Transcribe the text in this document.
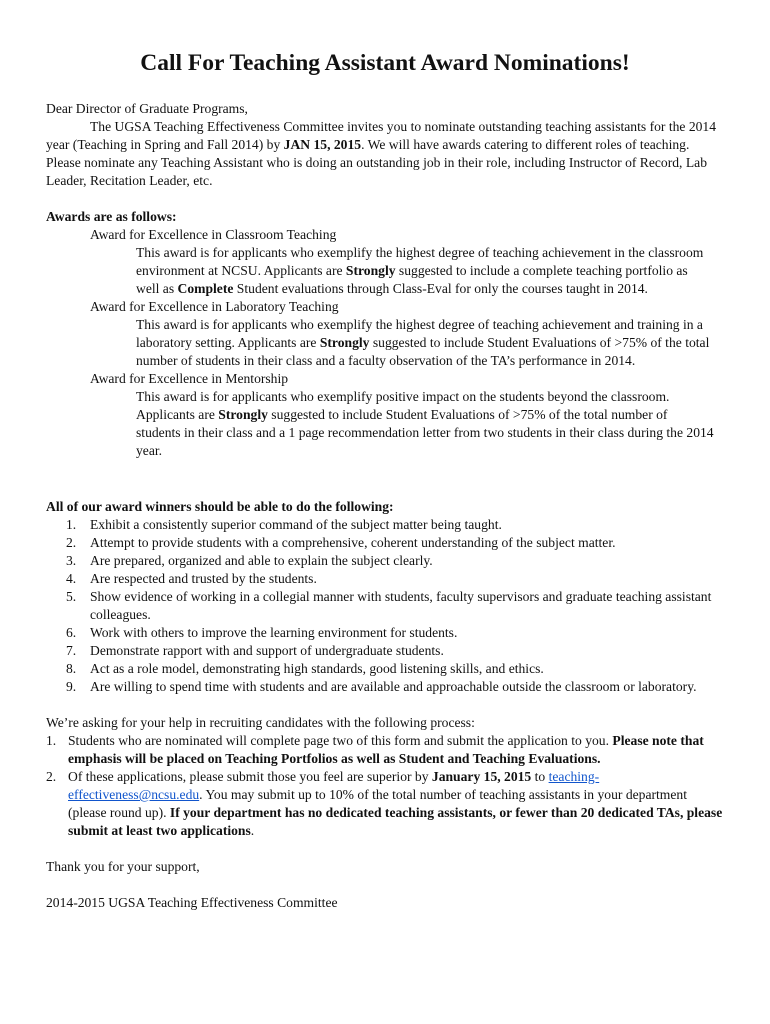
Call For Teaching Assistant Award Nominations!

Dear Director of Graduate Programs,

The UGSA Teaching Effectiveness Committee invites you to nominate outstanding teaching assistants for the 2014 year (Teaching in Spring and Fall 2014) by JAN 15, 2015. We will have awards catering to different roles of teaching. Please nominate any Teaching Assistant who is doing an outstanding job in their role, including Instructor of Record, Lab Leader, Recitation Leader, etc.

Awards are as follows:

Award for Excellence in Classroom Teaching

This award is for applicants who exemplify the highest degree of teaching achievement in the classroom environment at NCSU. Applicants are Strongly suggested to include a complete teaching portfolio as well as Complete Student evaluations through Class-Eval for only the courses taught in 2014.

Award for Excellence in Laboratory Teaching

This award is for applicants who exemplify the highest degree of teaching achievement and training in a laboratory setting. Applicants are Strongly suggested to include Student Evaluations of >75% of the total number of students in their class and a faculty observation of the TA’s performance in 2014.

Award for Excellence in Mentorship

This award is for applicants who exemplify positive impact on the students beyond the classroom. Applicants are Strongly suggested to include Student Evaluations of >75% of the total number of students in their class and a 1 page recommendation letter from two students in their class during the 2014 year.

All of our award winners should be able to do the following:

1. Exhibit a consistently superior command of the subject matter being taught.
2. Attempt to provide students with a comprehensive, coherent understanding of the subject matter.
3. Are prepared, organized and able to explain the subject clearly.
4. Are respected and trusted by the students.
5. Show evidence of working in a collegial manner with students, faculty supervisors and graduate teaching assistant colleagues.
6. Work with others to improve the learning environment for students.
7. Demonstrate rapport with and support of undergraduate students.
8. Act as a role model, demonstrating high standards, good listening skills, and ethics.
9. Are willing to spend time with students and are available and approachable outside the classroom or laboratory.

We’re asking for your help in recruiting candidates with the following process:

1. Students who are nominated will complete page two of this form and submit the application to you. Please note that emphasis will be placed on Teaching Portfolios as well as Student and Teaching Evaluations.
2. Of these applications, please submit those you feel are superior by January 15, 2015 to teaching-effectiveness@ncsu.edu. You may submit up to 10% of the total number of teaching assistants in your department (please round up). If your department has no dedicated teaching assistants, or fewer than 20 dedicated TAs, please submit at least two applications.

Thank you for your support,

2014-2015 UGSA Teaching Effectiveness Committee
